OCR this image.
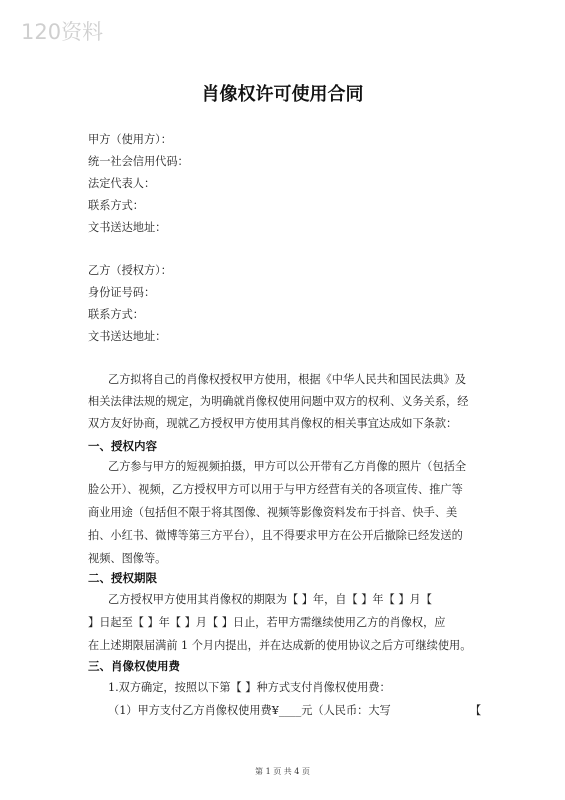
120资料
肖像权许可使用合同
甲方（使用方）：
统一社会信用代码：
法定代表人：
联系方式：
文书送达地址：
乙方（授权方）：
身份证号码：
联系方式：
文书送达地址：
乙方拟将自己的肖像权授权甲方使用，根据《中华人民共和国民法典》及
相关法律法规的规定，为明确就肖像权使用问题中双方的权利、义务关系，经
双方友好协商，现就乙方授权甲方使用其肖像权的相关事宜达成如下条款：
一、授权内容
乙方参与甲方的短视频拍摄，甲方可以公开带有乙方肖像的照片（包括全
脸公开）、视频，乙方授权甲方可以用于与甲方经营有关的各项宣传、推广等
商业用途（包括但不限于将其图像、视频等影像资料发布于抖音、快手、美
拍、小红书、微博等第三方平台），且不得要求甲方在公开后撤除已经发送的
视频、图像等。
二、授权期限
乙方授权甲方使用其肖像权的期限为【 】年，自【 】年【 】月【
】日起至【 】年【 】月【 】日止，若甲方需继续使用乙方的肖像权，应
在上述期限届满前 1 个月内提出，并在达成新的使用协议之后方可继续使用。
三、肖像权使用费
1.双方确定，按照以下第【 】种方式支付肖像权使用费：
（1）甲方支付乙方肖像权使用费¥____元（人民币：大写	【
第 1 页 共 4 页
